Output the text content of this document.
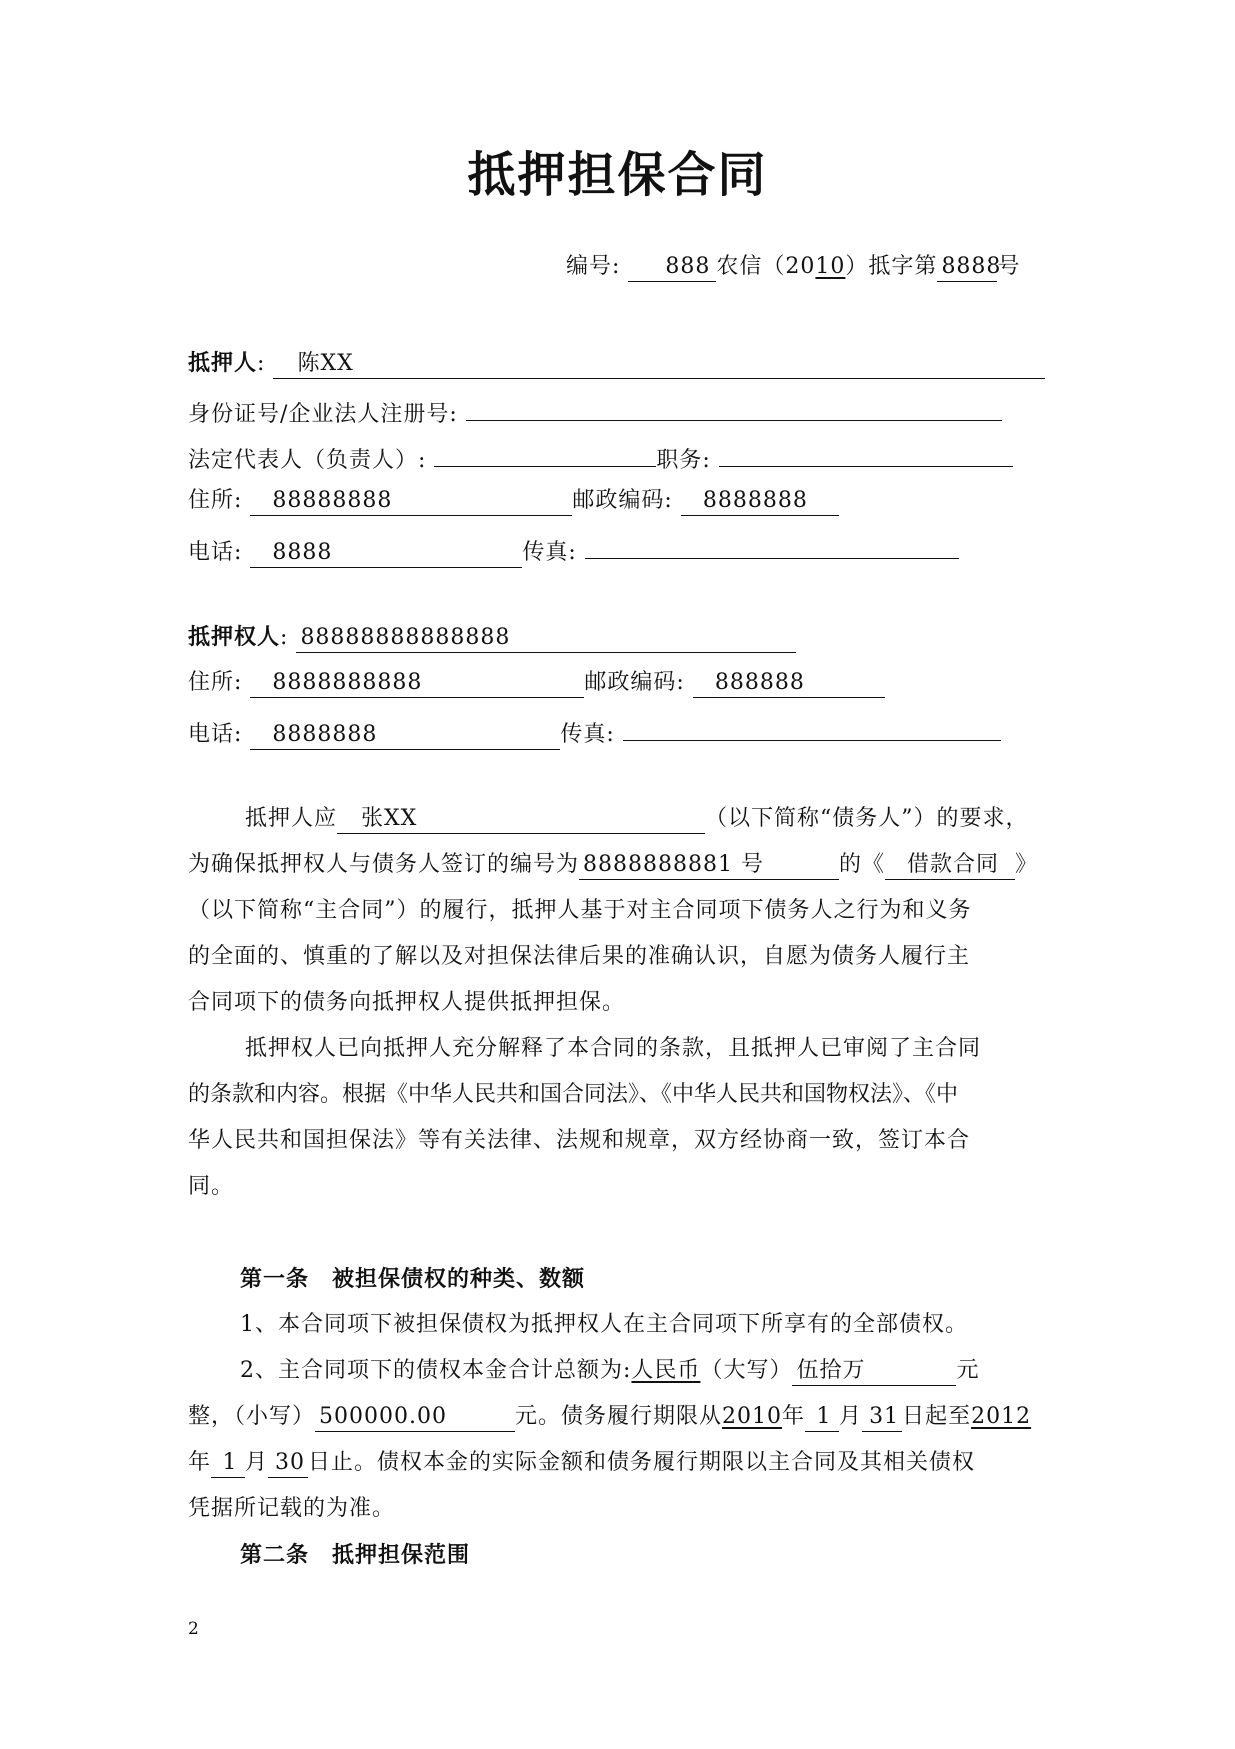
抵押担保合同
编号: 888 农信（2010）抵字第 8888号
抵押人: 陈XX
身份证号/企业法人注册号:
法定代表人（负责人）:	职务:
住所: 88888888	邮政编码: 8888888
电话: 8888	传真:
抵押权人: 88888888888888
住所: 8888888888	邮政编码: 888888
电话: 8888888	传真:
抵押人应 张XX	（以下简称“债务人”）的要求，
为确保抵押权人与债务人签订的编号为 8888888881 号	的《 借款合同 》
（以下简称“主合同”）的履行，抵押人基于对主合同项下债务人之行为和义务
的全面的、慎重的了解以及对担保法律后果的准确认识，自愿为债务人履行主
合同项下的债务向抵押权人提供抵押担保。
抵押权人已向抵押人充分解释了本合同的条款，且抵押人已审阅了主合同
的条款和内容。根据《中华人民共和国合同法》、《中华人民共和国物权法》、《中
华人民共和国担保法》等有关法律、法规和规章，双方经协商一致，签订本合
同。
第一条　被担保债权的种类、数额
1、本合同项下被担保债权为抵押权人在主合同项下所享有的全部债权。
2、主合同项下的债权本金合计总额为:人民币（大写） 伍拾万	元
整，（小写） 500000.00	元。债务履行期限从2010年 1 月 31 日起至2012
年 1 月 30 日止。债权本金的实际金额和债务履行期限以主合同及其相关债权
凭据所记载的为准。
第二条　抵押担保范围
2
